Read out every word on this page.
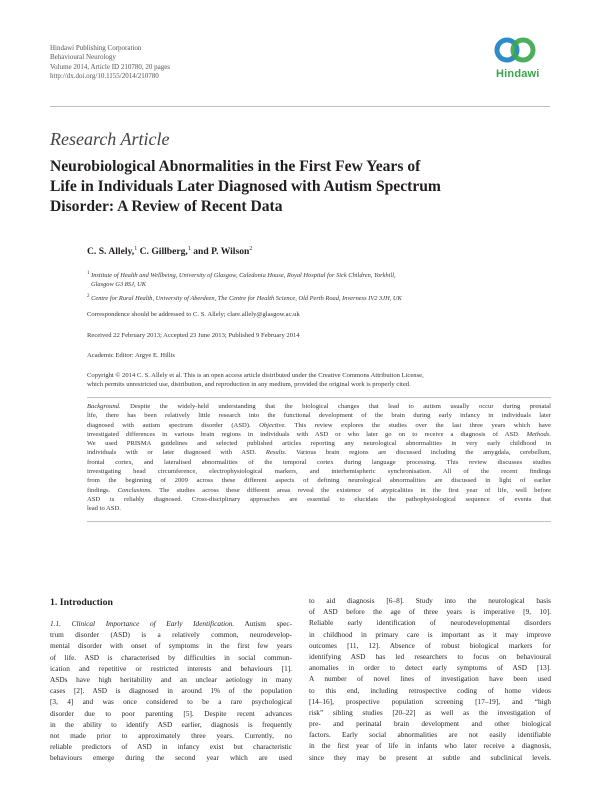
Hindawi Publishing Corporation
Behavioural Neurology
Volume 2014, Article ID 210780, 20 pages
http://dx.doi.org/10.1155/2014/210780	Hindawi
Research Article
Neurobiological Abnormalities in the First Few Years of
Life in Individuals Later Diagnosed with Autism Spectrum
Disorder: A Review of Recent Data
C. S. Allely,$^1$ C. Gillberg,$^1$ and P. Wilson$^2$
$^1$ Institute of Health and Wellbeing, University of Glasgow, Caledonia House, Royal Hospital for Sick Children, Yorkhill,
Glasgow G3 8SJ, UK
$^2$ Centre for Rural Health, University of Aberdeen, The Centre for Health Science, Old Perth Road, Inverness IV2 3JH, UK
Correspondence should be addressed to C. S. Allely; clare.allely@glasgow.ac.uk
Received 22 February 2013; Accepted 23 June 2013; Published 9 February 2014
Academic Editor: Argye E. Hillis
Copyright © 2014 C. S. Allely et al. This is an open access article distributed under the Creative Commons Attribution License,
which permits unrestricted use, distribution, and reproduction in any medium, provided the original work is properly cited.
Background. Despite the widely-held understanding that the biological changes that lead to autism usually occur during prenatal
life, there has been relatively little research into the functional development of the brain during early infancy in individuals later
diagnosed with autism spectrum disorder (ASD). Objective. This review explores the studies over the last three years which have
investigated differences in various brain regions in individuals with ASD or who later go on to receive a diagnosis of ASD. Methods.
We used PRISMA guidelines and selected published articles reporting any neurological abnormalities in very early childhood in
individuals with or later diagnosed with ASD. Results. Various brain regions are discussed including the amygdala, cerebellum,
frontal cortex, and lateralised abnormalities of the temporal cortex during language processing. This review discusses studies
investigating head circumference, electrophysiological markers, and interhemispheric synchronisation. All of the recent findings
from the beginning of 2009 across these different aspects of defining neurological abnormalities are discussed in light of earlier
findings. Conclusions. The studies across these different areas reveal the existence of atypicalities in the first year of life, well before
ASD is reliably diagnosed. Cross-disciplinary approaches are essential to elucidate the pathophysiological sequence of events that
lead to ASD.
1. Introduction
1.1. Clinical Importance of Early Identification. Autism spec-
trum disorder (ASD) is a relatively common, neurodevelop-
mental disorder with onset of symptoms in the first few years
of life. ASD is characterised by difficulties in social commun-
ication and repetitive or restricted interests and behaviours [1].
ASDs have high heritability and an unclear aetiology in many
cases [2]. ASD is diagnosed in around 1% of the population
[3, 4] and was once considered to be a rare psychological
disorder due to poor parenting [5]. Despite recent advances
in the ability to identify ASD earlier, diagnosis is frequently
not made prior to approximately three years. Currently, no
reliable predictors of ASD in infancy exist but characteristic
behaviours emerge during the second year which are used
to aid diagnosis [6–8]. Study into the neurological basis
of ASD before the age of three years is imperative [9, 10].
Reliable early identification of neurodevelopmental disorders
in childhood in primary care is important as it may improve
outcomes [11, 12]. Absence of robust biological markers for
identifying ASD has led researchers to focus on behavioural
anomalies in order to detect early symptoms of ASD [13].
A number of novel lines of investigation have been used
to this end, including retrospective coding of home videos
[14–16], prospective population screening [17–19], and “high
risk” sibling studies [20–22] as well as the investigation of
pre- and perinatal brain development and other biological
factors. Early social abnormalities are not easily identifiable
in the first year of life in infants who later receive a diagnosis,
since they may be present at subtle and subclinical levels.
